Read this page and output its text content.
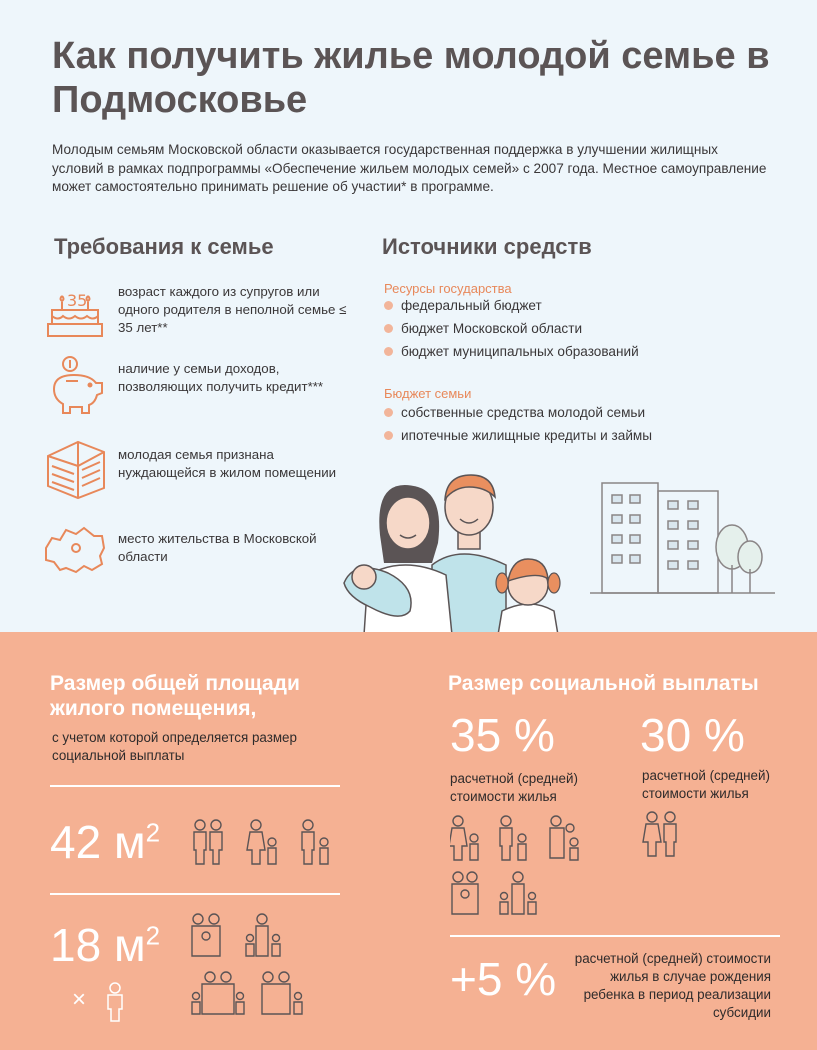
Как получить жилье молодой семье в Подмосковье
Молодым семьям Московской области оказывается государственная поддержка в улучшении жилищных условий в рамках подпрограммы «Обеспечение жильем молодых семей» с 2007 года. Местное самоуправление может самостоятельно принимать решение об участии* в программе.
Требования к семье
35 возраст каждого из супругов или одного родителя в неполной семье ≤ 35 лет**
наличие у семьи доходов, позволяющих получить кредит***
молодая семья признана нуждающейся в жилом помещении
место жительства в Московской области
Источники средств
Ресурсы государства
федеральный бюджет
бюджет Московской области
бюджет муниципальных образований
Бюджет семьи
собственные средства молодой семьи
ипотечные жилищные кредиты и займы
Размер общей площади
жилого помещения,
с учетом которой определяется размер социальной выплаты
42 $м^2$
18 $м^2$
×
Размер социальной выплаты
35 %
расчетной (средней) стоимости жилья
30 %
расчетной (средней) стоимости жилья
+5 %	расчетной (средней) стоимости жилья в случае рождения ребенка в период реализации субсидии
